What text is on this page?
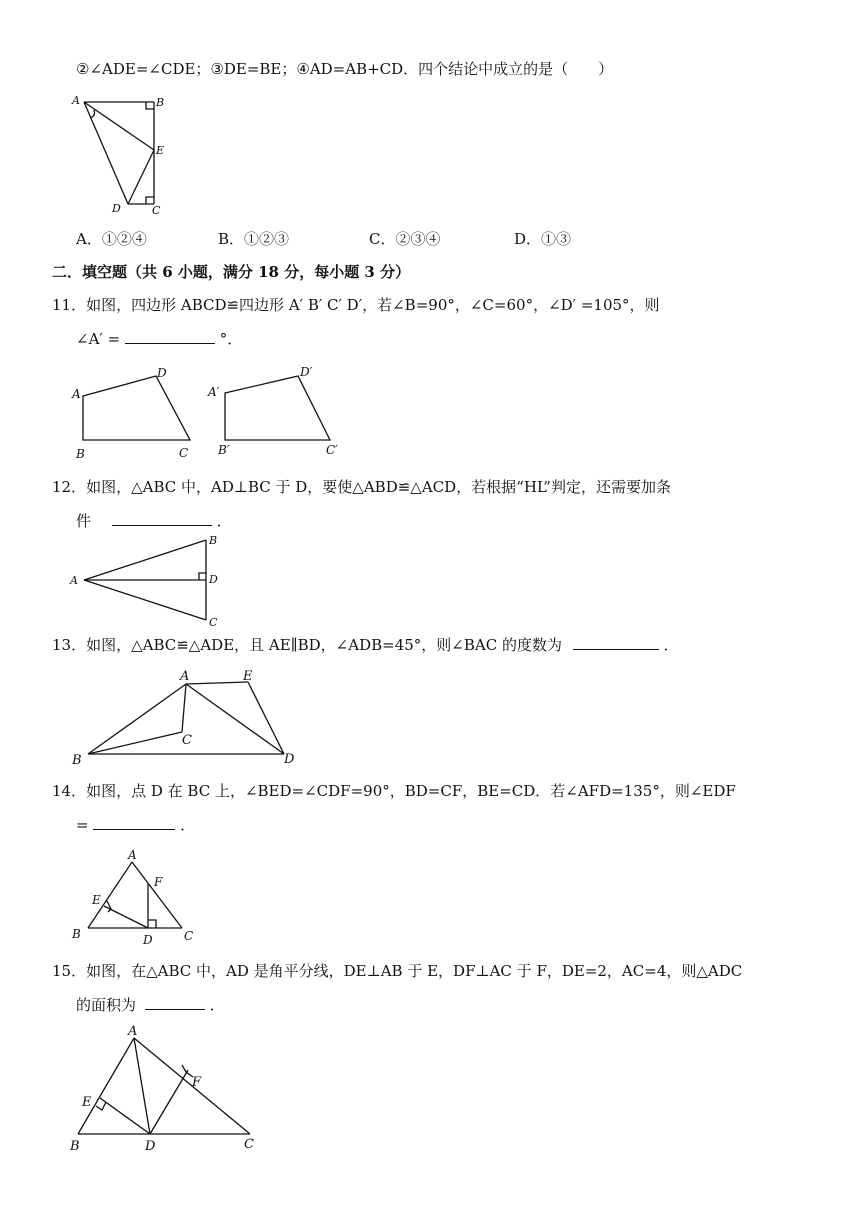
②∠ADE=∠CDE；③DE=BE；④AD=AB+CD．四个结论中成立的是（　　）
A	B
E
D	C
A．①②④	B．①②③	C．②③④	D．①③
二．填空题（共 6 小题，满分 18 分，每小题 3 分）
11．如图，四边形 ABCD≌四边形 A′ B′ C′ D′，若∠B=90°，∠C=60°，∠D′ =105°，则
∠A′ =	°．
A
D
B	C
A′
D′
B′	C′
12．如图，△ABC 中，AD⊥BC 于 D，要使△ABD≌△ACD，若根据“HL”判定，还需要加条
件	．
A
B
D
C
13．如图，△ABC≌△ADE，且 AE∥BD，∠ADB=45°，则∠BAC 的度数为	．
A	E
C
B	D
14．如图，点 D 在 BC 上，∠BED=∠CDF=90°，BD=CF，BE=CD．若∠AFD=135°，则∠EDF
=	．
A
F
E
B	D	C
15．如图，在△ABC 中，AD 是角平分线，DE⊥AB 于 E，DF⊥AC 于 F，DE=2，AC=4，则△ADC
的面积为	．
A
E
F
B	D	C
